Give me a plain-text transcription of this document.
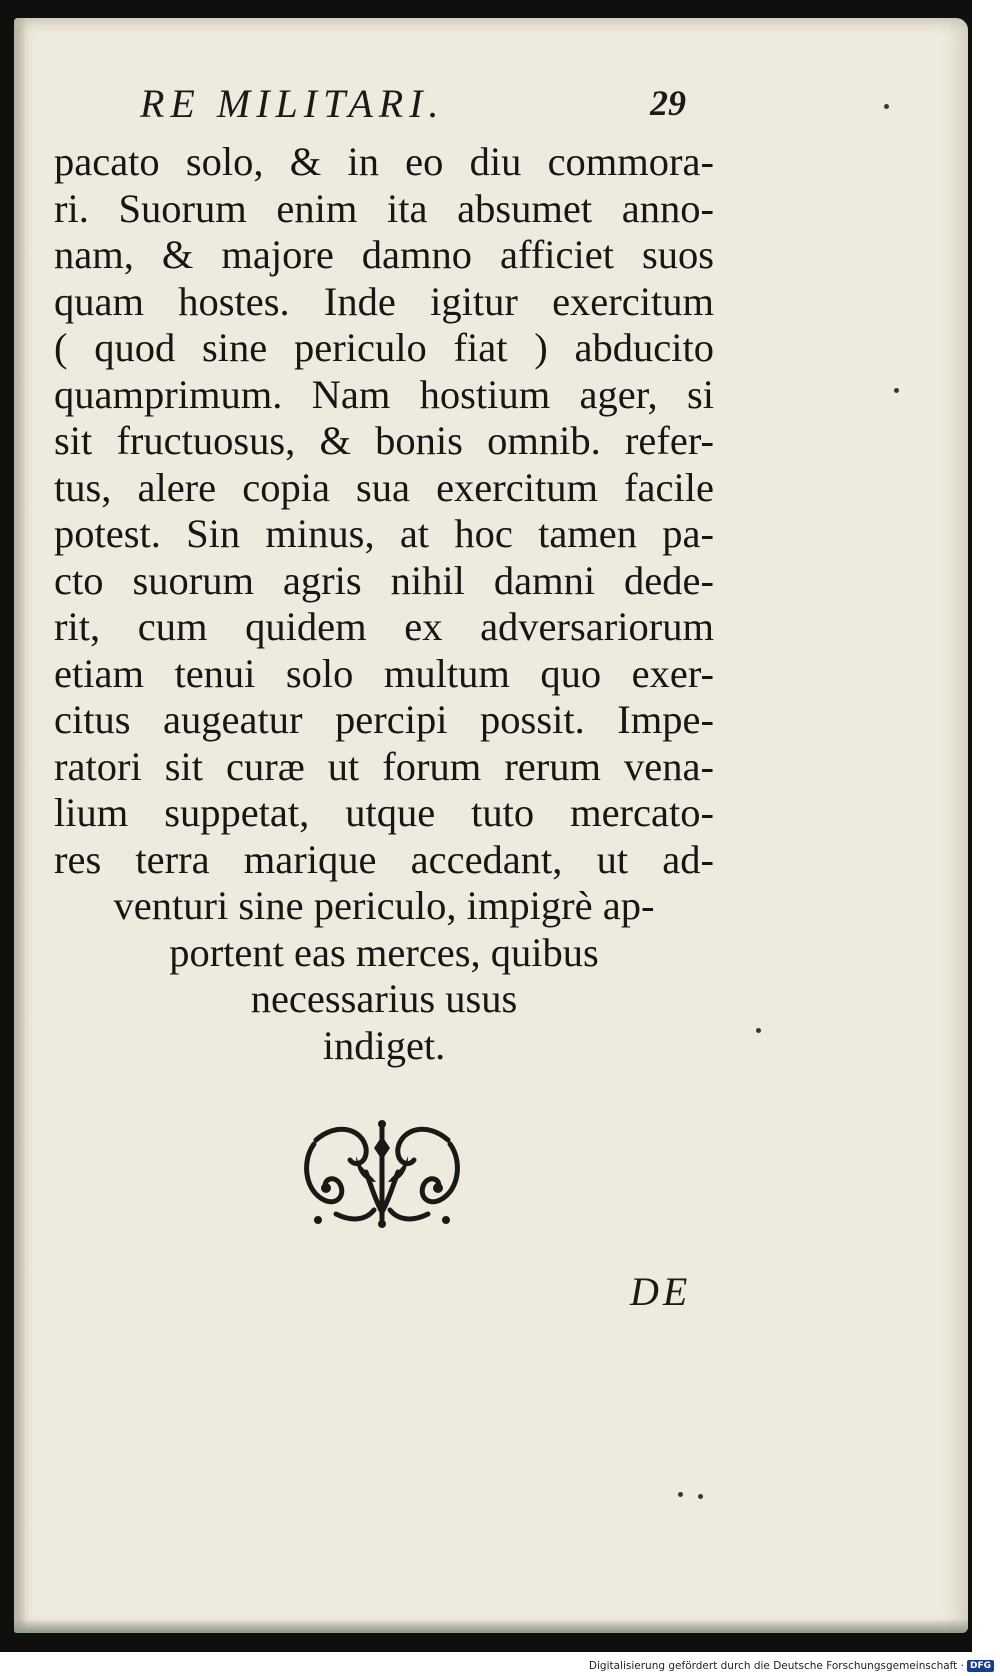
RE MILITARI.	29
pacato solo, & in eo diu commora-
ri. Suorum enim ita absumet anno-
nam, & majore damno afficiet suos
quam hostes. Inde igitur exercitum
( quod sine periculo fiat ) abducito
quamprimum. Nam hostium ager, si
sit fructuosus, & bonis omnib. refer-
tus, alere copia sua exercitum facile
potest. Sin minus, at hoc tamen pa-
cto suorum agris nihil damni dede-
rit, cum quidem ex adversariorum
etiam tenui solo multum quo exer-
citus augeatur percipi possit. Impe-
ratori sit curæ ut forum rerum vena-
lium suppetat, utque tuto mercato-
res terra marique accedant, ut ad-
venturi sine periculo, impigrè ap-
portent eas merces, quibus
necessarius usus
indiget.
DE
Digitalisierung gefördert durch die Deutsche Forschungsgemeinschaft · DFG
